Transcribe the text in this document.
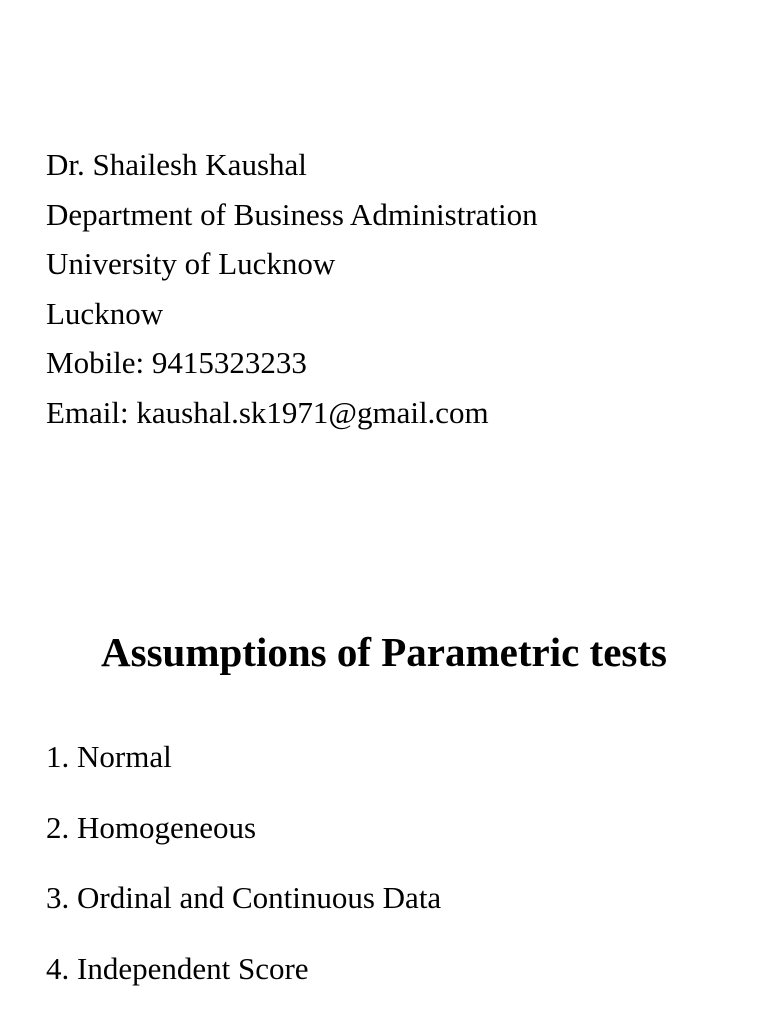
Dr. Shailesh Kaushal
Department of Business Administration
University of Lucknow
Lucknow
Mobile: 9415323233
Email: kaushal.sk1971@gmail.com
Assumptions of Parametric tests
1. Normal
2. Homogeneous
3. Ordinal and Continuous Data
4. Independent Score
